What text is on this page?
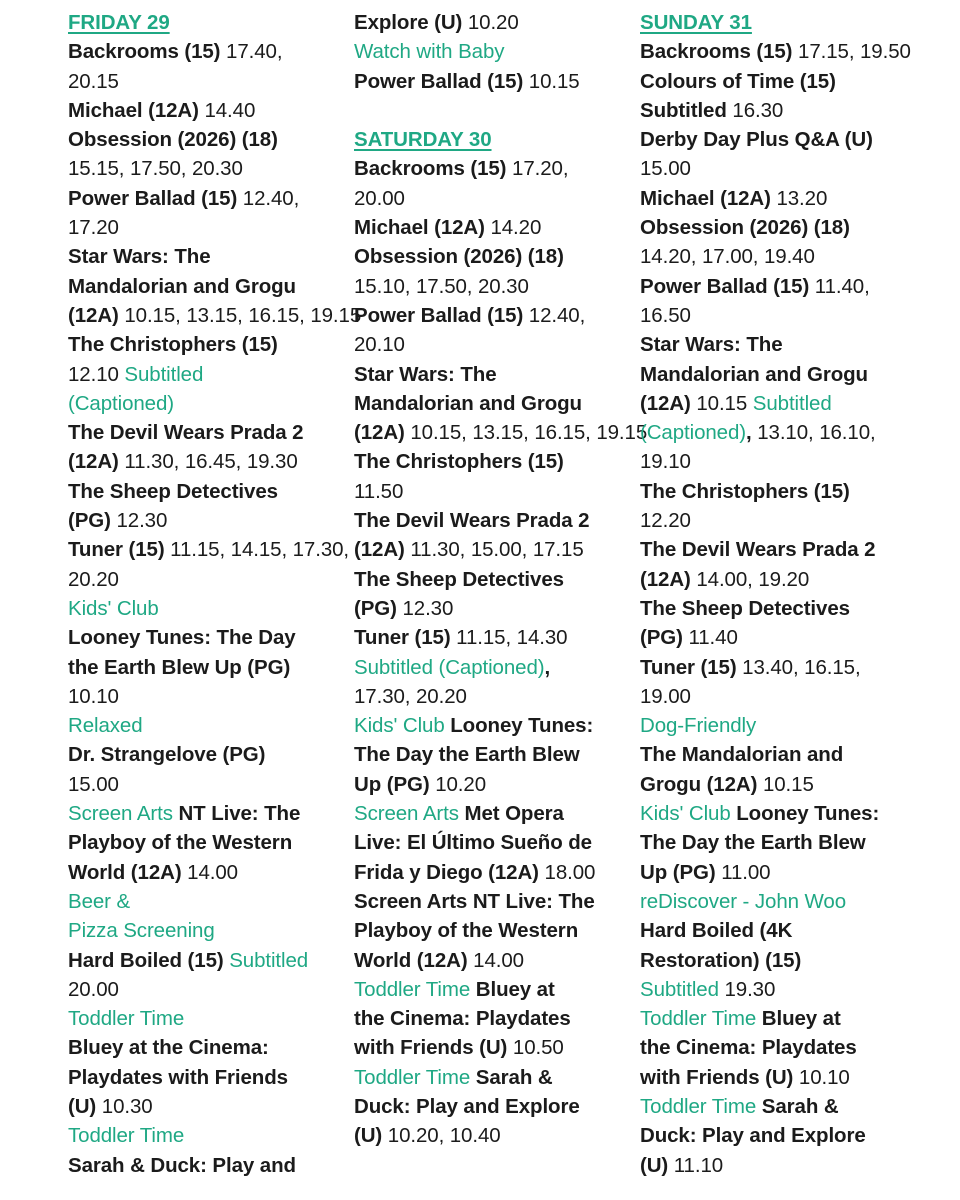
FRIDAY 29
Backrooms (15) 17.40,
20.15
Michael (12A) 14.40
Obsession (2026) (18)
15.15, 17.50, 20.30
Power Ballad (15) 12.40,
17.20
Star Wars: The
Mandalorian and Grogu
(12A) 10.15, 13.15, 16.15, 19.15
The Christophers (15)
12.10 Subtitled
(Captioned)
The Devil Wears Prada 2
(12A) 11.30, 16.45, 19.30
The Sheep Detectives
(PG) 12.30
Tuner (15) 11.15, 14.15, 17.30,
20.20
Kids' Club
Looney Tunes: The Day
the Earth Blew Up (PG)
10.10
Relaxed
Dr. Strangelove (PG)
15.00
Screen Arts NT Live: The
Playboy of the Western
World (12A) 14.00
Beer &
Pizza Screening
Hard Boiled (15) Subtitled
20.00
Toddler Time
Bluey at the Cinema:
Playdates with Friends
(U) 10.30
Toddler Time
Sarah & Duck: Play and
Explore (U) 10.20
Watch with Baby
Power Ballad (15) 10.15
SATURDAY 30
Backrooms (15) 17.20,
20.00
Michael (12A) 14.20
Obsession (2026) (18)
15.10, 17.50, 20.30
Power Ballad (15) 12.40,
20.10
Star Wars: The
Mandalorian and Grogu
(12A) 10.15, 13.15, 16.15, 19.15
The Christophers (15)
11.50
The Devil Wears Prada 2
(12A) 11.30, 15.00, 17.15
The Sheep Detectives
(PG) 12.30
Tuner (15) 11.15, 14.30
Subtitled (Captioned),
17.30, 20.20
Kids' Club Looney Tunes:
The Day the Earth Blew
Up (PG) 10.20
Screen Arts Met Opera
Live: El Último Sueño de
Frida y Diego (12A) 18.00
Screen Arts NT Live: The
Playboy of the Western
World (12A) 14.00
Toddler Time Bluey at
the Cinema: Playdates
with Friends (U) 10.50
Toddler Time Sarah &
Duck: Play and Explore
(U) 10.20, 10.40
SUNDAY 31
Backrooms (15) 17.15, 19.50
Colours of Time (15)
Subtitled 16.30
Derby Day Plus Q&A (U)
15.00
Michael (12A) 13.20
Obsession (2026) (18)
14.20, 17.00, 19.40
Power Ballad (15) 11.40,
16.50
Star Wars: The
Mandalorian and Grogu
(12A) 10.15 Subtitled
(Captioned), 13.10, 16.10,
19.10
The Christophers (15)
12.20
The Devil Wears Prada 2
(12A) 14.00, 19.20
The Sheep Detectives
(PG) 11.40
Tuner (15) 13.40, 16.15,
19.00
Dog-Friendly
The Mandalorian and
Grogu (12A) 10.15
Kids' Club Looney Tunes:
The Day the Earth Blew
Up (PG) 11.00
reDiscover - John Woo
Hard Boiled (4K
Restoration) (15)
Subtitled 19.30
Toddler Time Bluey at
the Cinema: Playdates
with Friends (U) 10.10
Toddler Time Sarah &
Duck: Play and Explore
(U) 11.10
